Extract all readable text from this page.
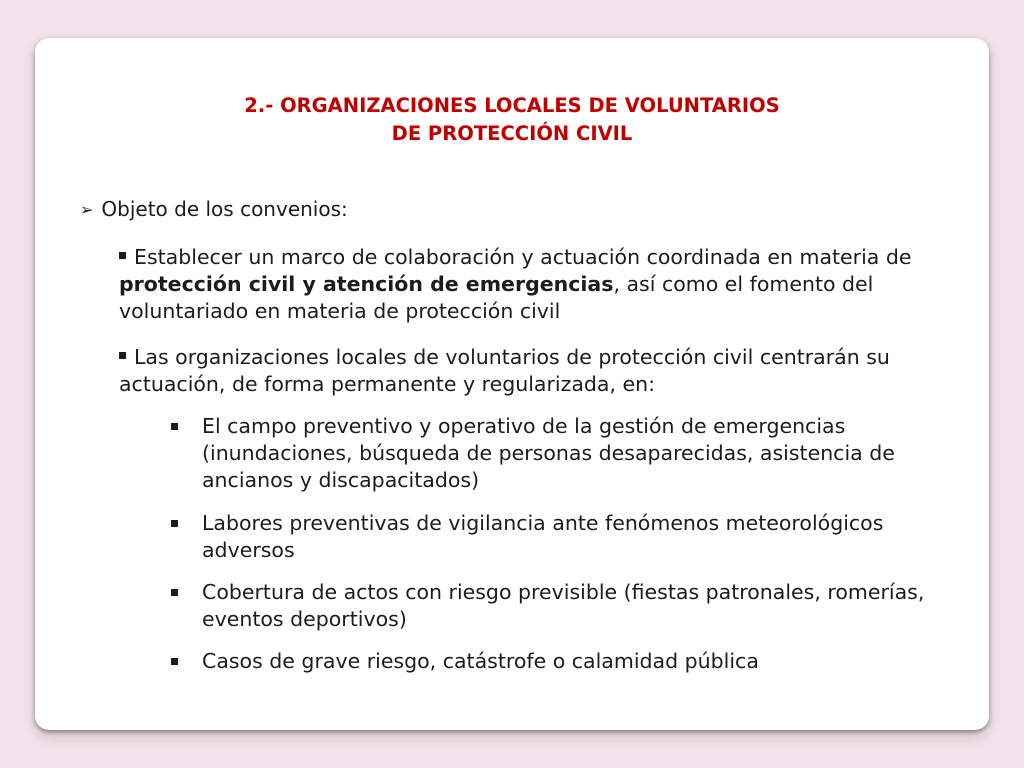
2.- ORGANIZACIONES LOCALES DE VOLUNTARIOS
DE PROTECCIÓN CIVIL
➢ Objeto de los convenios:

Establecer un marco de colaboración y actuación coordinada en materia de protección civil y atención de emergencias, así como el fomento del voluntariado en materia de protección civil

Las organizaciones locales de voluntarios de protección civil centrarán su actuación, de forma permanente y regularizada, en:

El campo preventivo y operativo de la gestión de emergencias (inundaciones, búsqueda de personas desaparecidas, asistencia de ancianos y discapacitados)
Labores preventivas de vigilancia ante fenómenos meteorológicos adversos
Cobertura de actos con riesgo previsible (fiestas patronales, romerías, eventos deportivos)
Casos de grave riesgo, catástrofe o calamidad pública
